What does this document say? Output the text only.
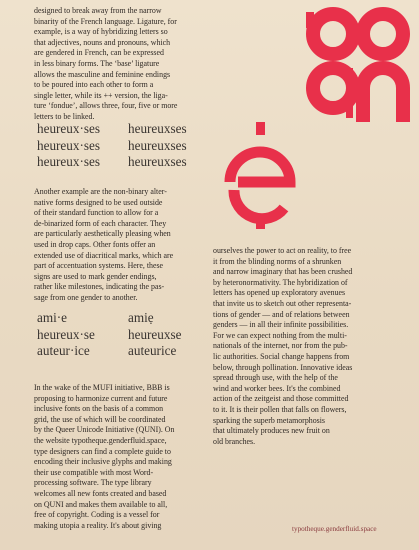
designed to break away from the narrow
binarity of the French language. Ligature, for
example, is a way of hybridizing letters so
that adjectives, nouns and pronouns, which
are gendered in French, can be expressed
in less binary forms. The ‘base’ ligature
allows the masculine and feminine endings
to be poured into each other to form a
single letter, while its ++ version, the liga-
ture ‘fondue’, allows three, four, five or more
letters to be linked.

heureux·ses
heureux·ses
heureux·ses

heureuxses
heureuxses
heureuxses

Another example are the non-binary alter-
native forms designed to be used outside
of their standard function to allow for a
de-binarized form of each character. They
are particularly aesthetically pleasing when
used in drop caps. Other fonts offer an
extended use of diacritical marks, which are
part of accentuation systems. Here, these
signs are used to mark gender endings,
rather like milestones, indicating the pas-
sage from one gender to another.

ami·e
heureux·se
auteur·ice

amiẹ
heureuxse
auteurice

In the wake of the MUFI initiative, BBB is
proposing to harmonize current and future
inclusive fonts on the basis of a common
grid, the use of which will be coordinated
by the Queer Unicode Initiative (QUNI). On
the website typotheque.genderfluid.space,
type designers can find a complete guide to
encoding their inclusive glyphs and making
their use compatible with most Word-
processing software. The type library
welcomes all new fonts created and based
on QUNI and makes them available to all,
free of copyright. Coding is a vessel for
making utopia a reality. It's about giving

ourselves the power to act on reality, to free
it from the blinding norms of a shrunken
and narrow imaginary that has been crushed
by heteronormativity. The hybridization of
letters has opened up exploratory avenues
that invite us to sketch out other representa-
tions of gender — and of relations between
genders — in all their infinite possibilities.
For we can expect nothing from the multi-
nationals of the internet, nor from the pub-
lic authorities. Social change happens from
below, through pollination. Innovative ideas
spread through use, with the help of the
wind and worker bees. It's the combined
action of the zeitgeist and those committed
to it. It is their pollen that falls on flowers,
sparking the superb metamorphosis
that ultimately produces new fruit on
old branches.

typotheque.genderfluid.space
